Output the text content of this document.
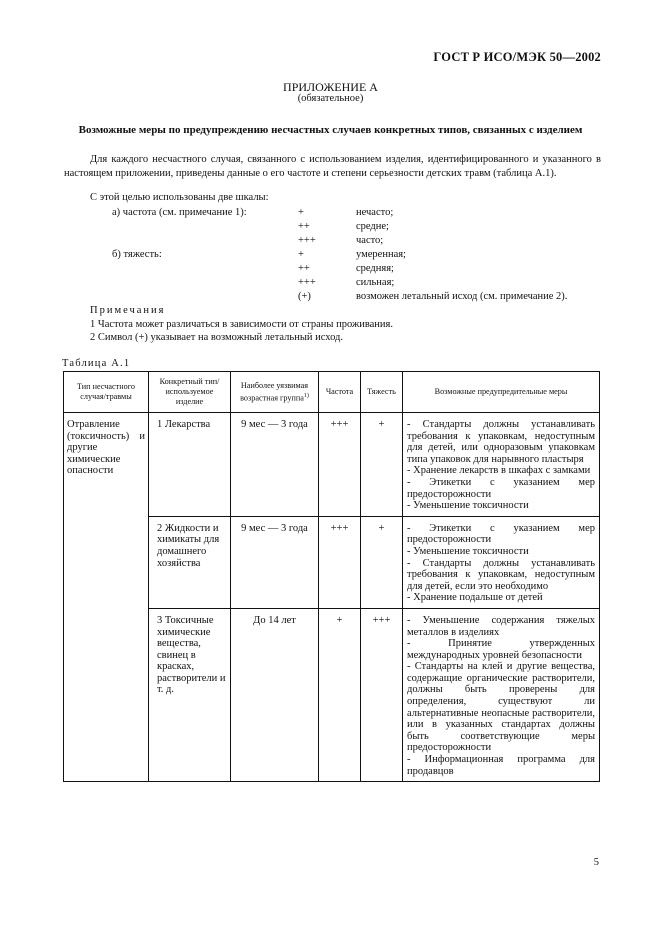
ГОСТ Р ИСО/МЭК 50—2002
ПРИЛОЖЕНИЕ А
(обязательное)
Возможные меры по предупреждению несчастных случаев конкретных типов, связанных с изделием
Для каждого несчастного случая, связанного с использованием изделия, идентифицированного и указанного в настоящем приложении, приведены данные о его частоте и степени серьезности детских травм (таблица А.1).
С этой целью использованы две шкалы:
а) частота (см. примечание 1):	+	нечасто;
++	средне;
+++	часто;
б) тяжесть:	+	умеренная;
++	средняя;
+++	сильная;
(+)	возможен летальный исход (см. примечание 2).
Примечания
1 Частота может различаться в зависимости от страны проживания.
2 Символ (+) указывает на возможный летальный исход.
Таблица А.1
Тип несчастного случая/травмы	Конкретный тип/используемое изделие	Наиболее уязвимая возрастная группа$^{1)}$	Частота	Тяжесть	Возможные предупредительные меры
Отравление (токсичность) и другие химические опасности	1 Лекарства	9 мес — 3 года	+++	+	- Стандарты должны устанавливать требования к упаковкам, недоступным для детей, или одноразовым упаковкам типа упаковок для нарывного пластыря
- Хранение лекарств в шкафах с замками
- Этикетки с указанием мер предосторожности
- Уменьшение токсичности

	2 Жидкости и химикаты для домашнего хозяйства	9 мес — 3 года	+++	+	- Этикетки с указанием мер предосторожности
- Уменьшение токсичности
- Стандарты должны устанавливать требования к упаковкам, недоступным для детей, если это необходимо
- Хранение подальше от детей

	3 Токсичные химические вещества, свинец в красках, растворители и т. д.	До 14 лет	+	+++	- Уменьшение содержания тяжелых металлов в изделиях
- Принятие утвержденных международных уровней безопасности
- Стандарты на клей и другие вещества, содержащие органические растворители, должны быть проверены для определения, существуют ли альтернативные неопасные растворители, или в указанных стандартах должны быть соответствующие меры предосторожности
- Информационная программа для продавцов
5
